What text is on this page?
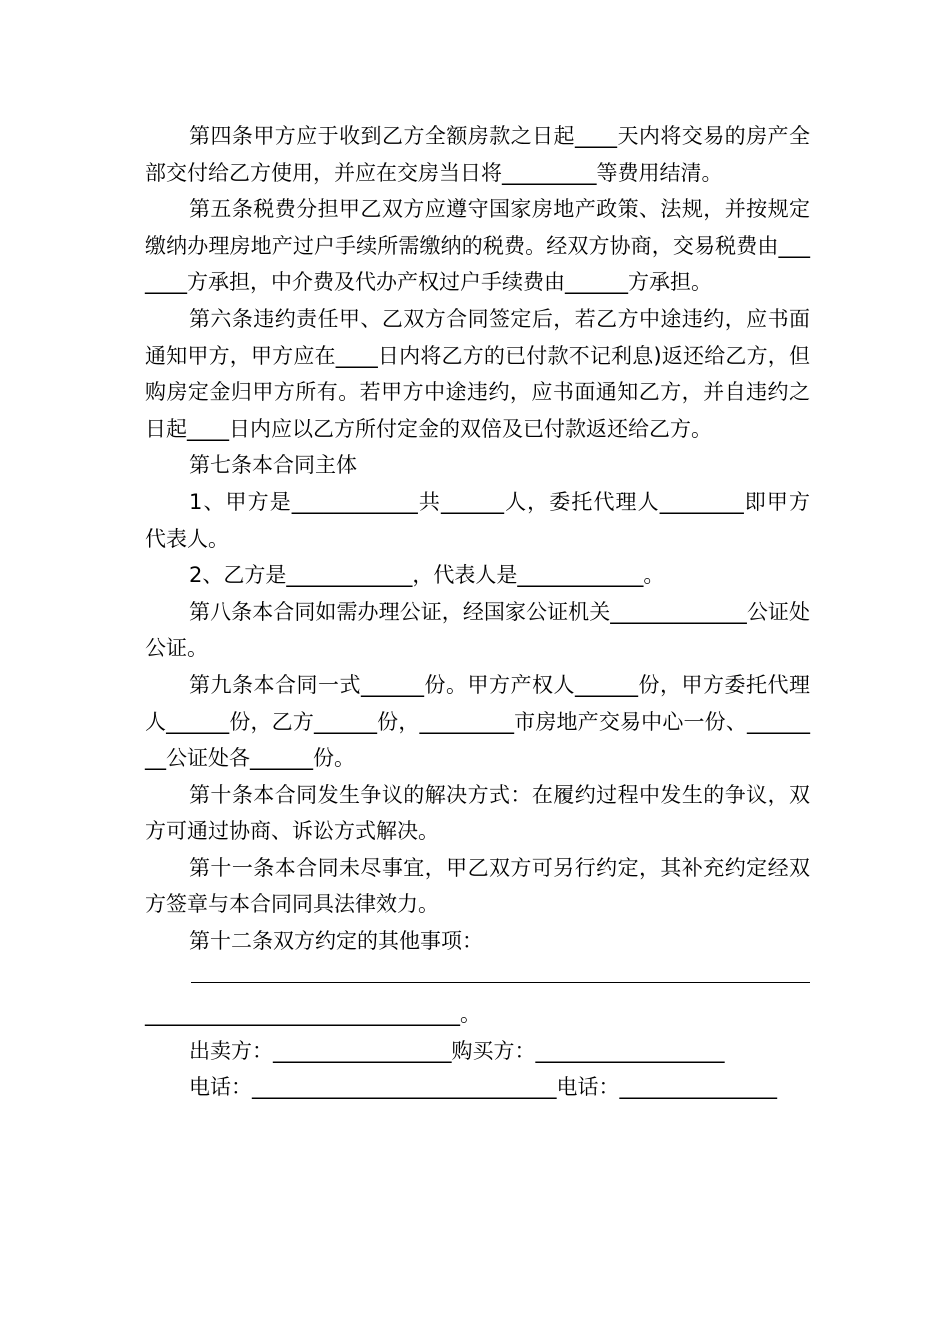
第四条甲方应于收到乙方全额房款之日起____天内将交易的房产全部交付给乙方使用，并应在交房当日将_________等费用结清。

第五条税费分担甲乙双方应遵守国家房地产政策、法规，并按规定缴纳办理房地产过户手续所需缴纳的税费。经双方协商，交易税费由_______方承担，中介费及代办产权过户手续费由______方承担。

第六条违约责任甲、乙双方合同签定后，若乙方中途违约，应书面通知甲方，甲方应在____日内将乙方的已付款不记利息)返还给乙方，但购房定金归甲方所有。若甲方中途违约，应书面通知乙方，并自违约之日起____日内应以乙方所付定金的双倍及已付款返还给乙方。

第七条本合同主体

1、甲方是____________共______人，委托代理人________即甲方代表人。

2、乙方是____________，代表人是____________。

第八条本合同如需办理公证，经国家公证机关_____________公证处公证。

第九条本合同一式______份。甲方产权人______份，甲方委托代理人______份，乙方______份，_________市房地产交易中心一份、________公证处各______份。

第十条本合同发生争议的解决方式：在履约过程中发生的争议，双方可通过协商、诉讼方式解决。

第十一条本合同未尽事宜，甲乙双方可另行约定，其补充约定经双方签章与本合同同具法律效力。

第十二条双方约定的其他事项：

______________________________。

出卖方：_________________购买方：__________________

电话：_____________________________电话：_______________
